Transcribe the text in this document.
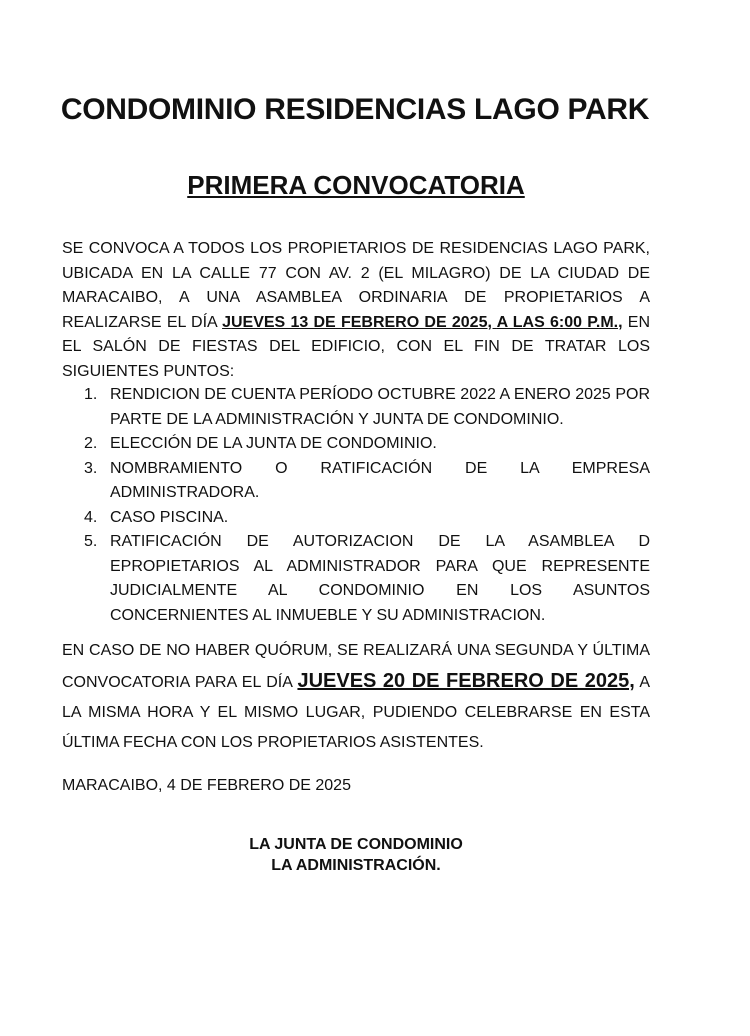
CONDOMINIO RESIDENCIAS LAGO PARK
PRIMERA CONVOCATORIA

SE CONVOCA A TODOS LOS PROPIETARIOS DE RESIDENCIAS LAGO PARK, UBICADA EN LA CALLE 77 CON AV. 2 (EL MILAGRO) DE LA CIUDAD DE MARACAIBO, A UNA ASAMBLEA ORDINARIA DE PROPIETARIOS A REALIZARSE EL DÍA JUEVES 13 DE FEBRERO DE 2025, A LAS 6:00 P.M., EN EL SALÓN DE FIESTAS DEL EDIFICIO, CON EL FIN DE TRATAR LOS SIGUIENTES PUNTOS:

1. RENDICION DE CUENTA PERÍODO OCTUBRE 2022 A ENERO 2025 POR PARTE DE LA ADMINISTRACIÓN Y JUNTA DE CONDOMINIO.
2. ELECCIÓN DE LA JUNTA DE CONDOMINIO.
3. NOMBRAMIENTO O RATIFICACIÓN DE LA EMPRESA ADMINISTRADORA.
4. CASO PISCINA.
5. RATIFICACIÓN DE AUTORIZACION DE LA ASAMBLEA D EPROPIETARIOS AL ADMINISTRADOR PARA QUE REPRESENTE JUDICIALMENTE AL CONDOMINIO EN LOS ASUNTOS CONCERNIENTES AL INMUEBLE Y SU ADMINISTRACION.

EN CASO DE NO HABER QUÓRUM, SE REALIZARÁ UNA SEGUNDA Y ÚLTIMA CONVOCATORIA PARA EL DÍA JUEVES 20 DE FEBRERO DE 2025, A LA MISMA HORA Y EL MISMO LUGAR, PUDIENDO CELEBRARSE EN ESTA ÚLTIMA FECHA CON LOS PROPIETARIOS ASISTENTES.

MARACAIBO, 4 DE FEBRERO DE 2025

LA JUNTA DE CONDOMINIO
LA ADMINISTRACIÓN.
